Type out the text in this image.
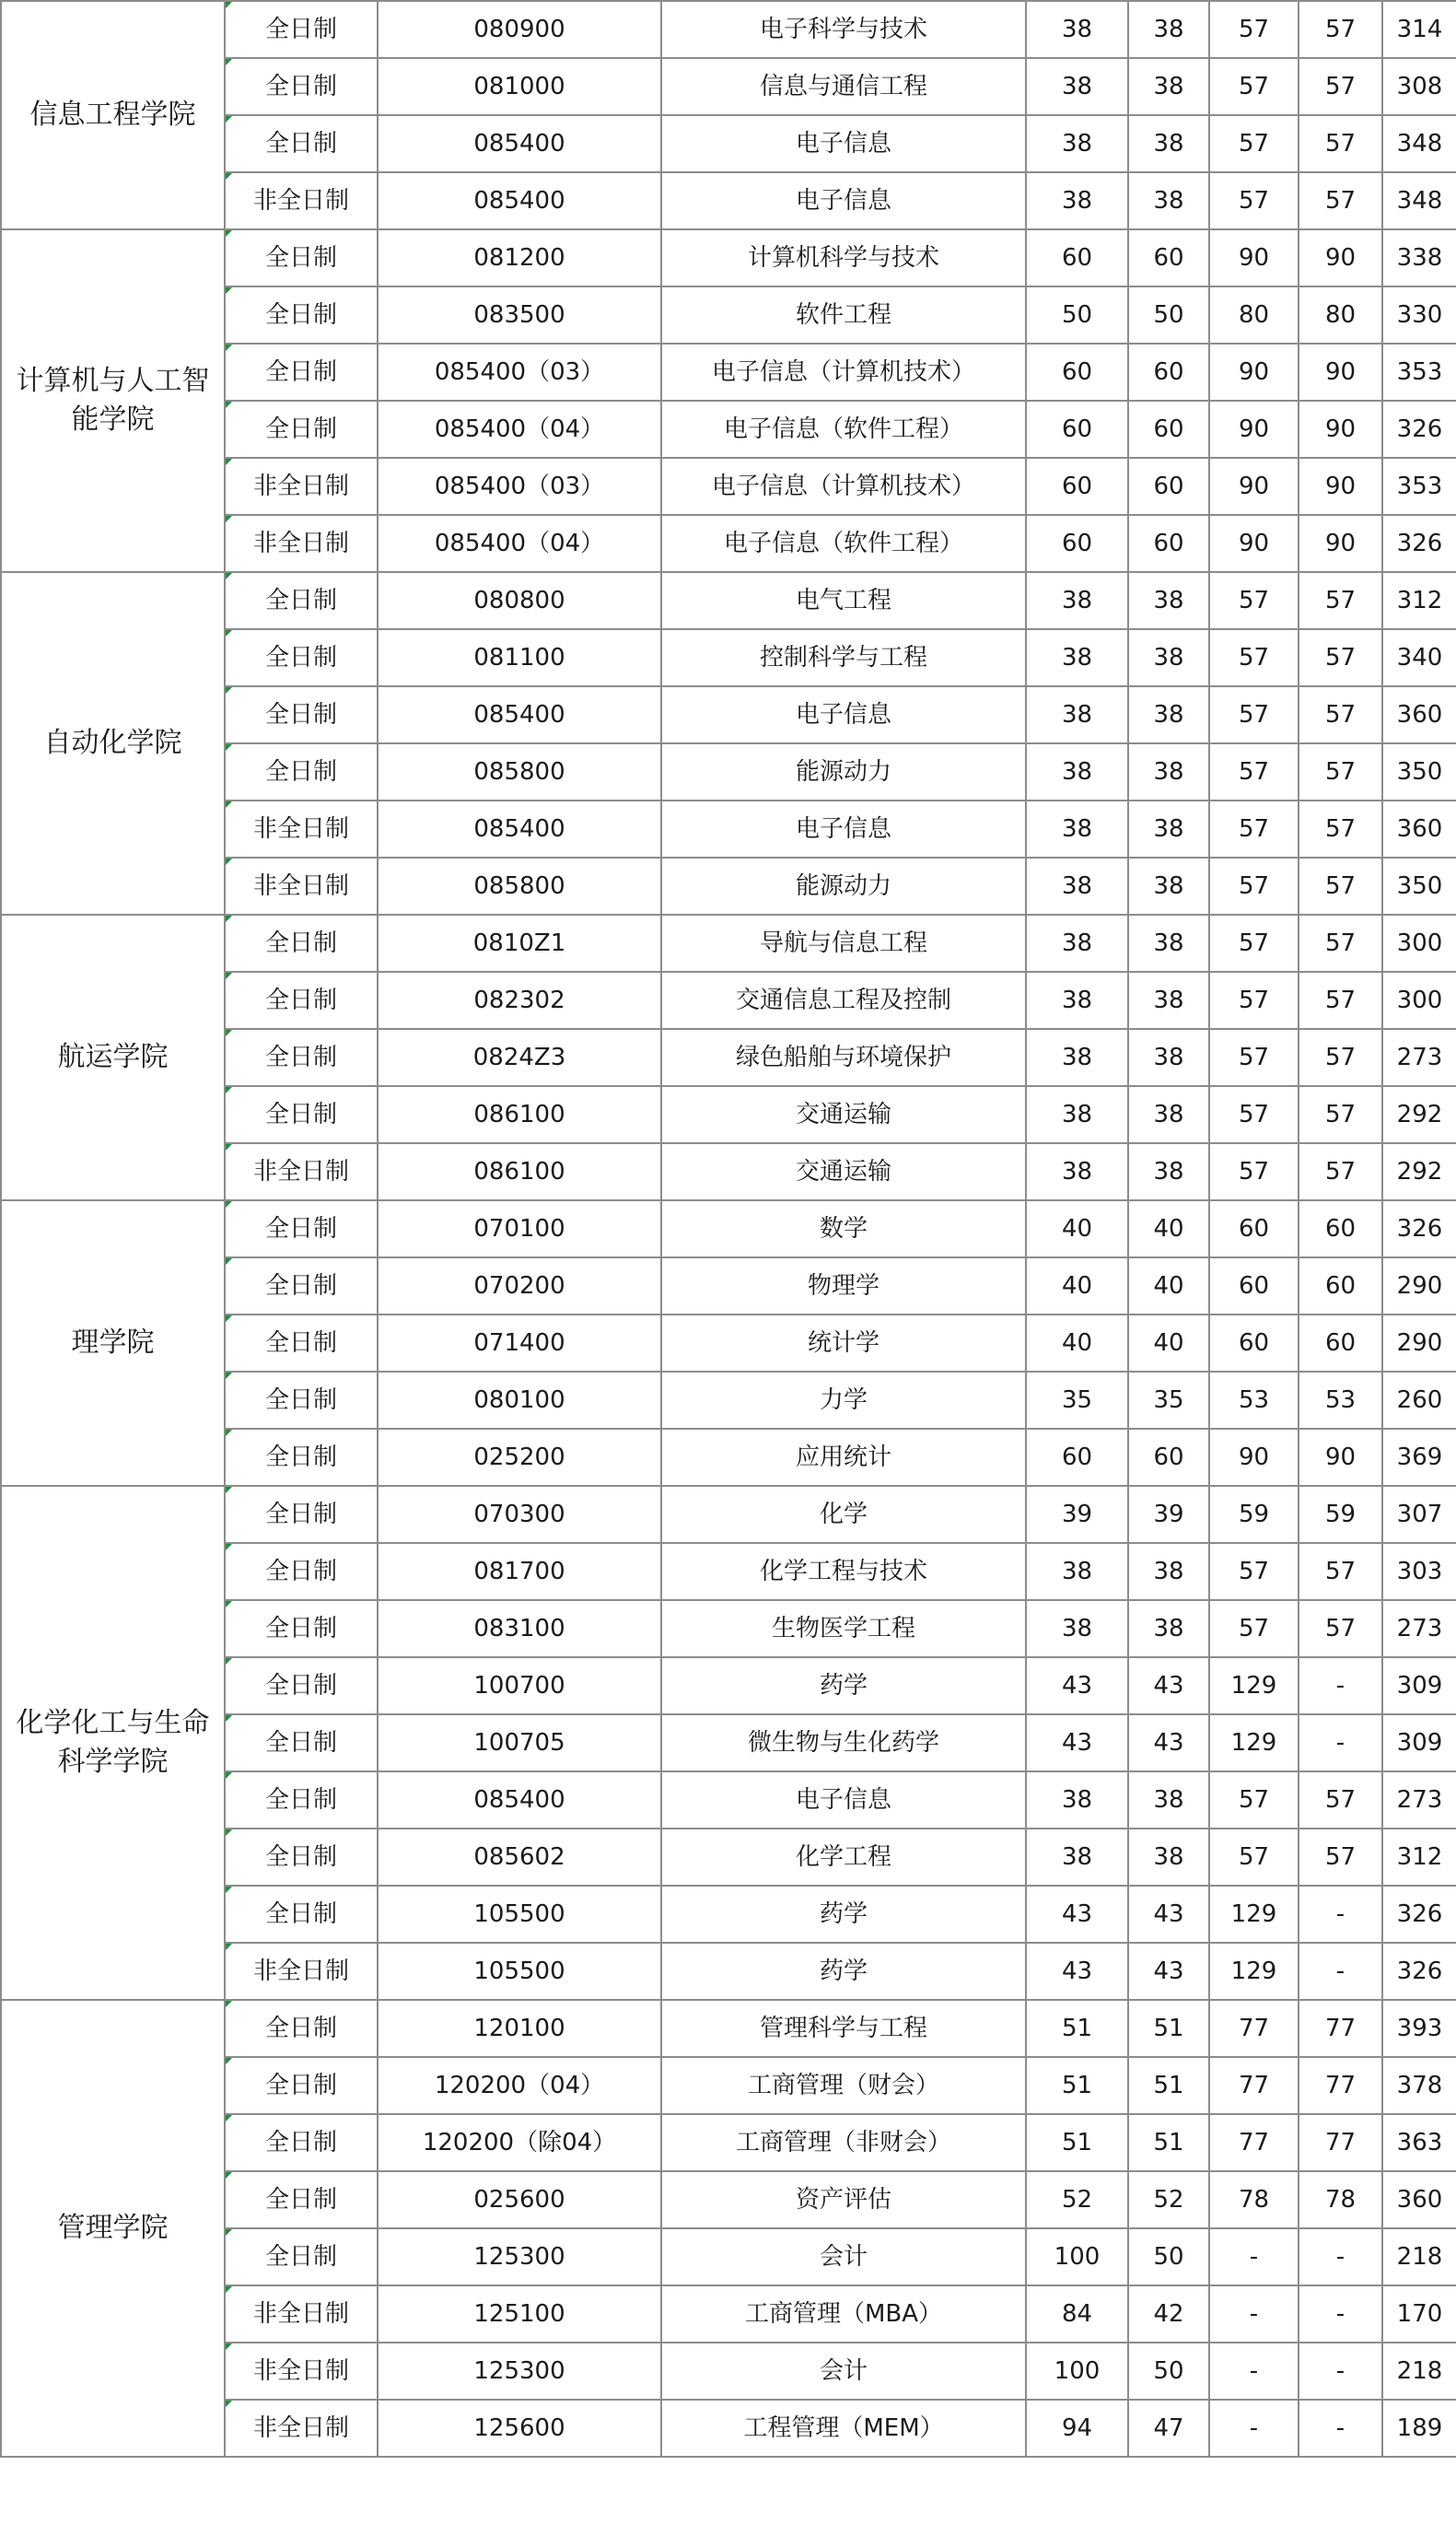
信息工程学院	全日制	080900	电子科学与技术	38	38	57	57	314
	全日制	081000	信息与通信工程	38	38	57	57	308
	全日制	085400	电子信息	38	38	57	57	348
	非全日制	085400	电子信息	38	38	57	57	348
计算机与人工智能学院	全日制	081200	计算机科学与技术	60	60	90	90	338
	全日制	083500	软件工程	50	50	80	80	330
	全日制	085400（03）	电子信息（计算机技术）	60	60	90	90	353
	全日制	085400（04）	电子信息（软件工程）	60	60	90	90	326
	非全日制	085400（03）	电子信息（计算机技术）	60	60	90	90	353
	非全日制	085400（04）	电子信息（软件工程）	60	60	90	90	326
自动化学院	全日制	080800	电气工程	38	38	57	57	312
	全日制	081100	控制科学与工程	38	38	57	57	340
	全日制	085400	电子信息	38	38	57	57	360
	全日制	085800	能源动力	38	38	57	57	350
	非全日制	085400	电子信息	38	38	57	57	360
	非全日制	085800	能源动力	38	38	57	57	350
航运学院	全日制	0810Z1	导航与信息工程	38	38	57	57	300
	全日制	082302	交通信息工程及控制	38	38	57	57	300
	全日制	0824Z3	绿色船舶与环境保护	38	38	57	57	273
	全日制	086100	交通运输	38	38	57	57	292
	非全日制	086100	交通运输	38	38	57	57	292
理学院	全日制	070100	数学	40	40	60	60	326
	全日制	070200	物理学	40	40	60	60	290
	全日制	071400	统计学	40	40	60	60	290
	全日制	080100	力学	35	35	53	53	260
	全日制	025200	应用统计	60	60	90	90	369
化学化工与生命科学学院	全日制	070300	化学	39	39	59	59	307
	全日制	081700	化学工程与技术	38	38	57	57	303
	全日制	083100	生物医学工程	38	38	57	57	273
	全日制	100700	药学	43	43	129	-	309
	全日制	100705	微生物与生化药学	43	43	129	-	309
	全日制	085400	电子信息	38	38	57	57	273
	全日制	085602	化学工程	38	38	57	57	312
	全日制	105500	药学	43	43	129	-	326
	非全日制	105500	药学	43	43	129	-	326
管理学院	全日制	120100	管理科学与工程	51	51	77	77	393
	全日制	120200（04）	工商管理（财会）	51	51	77	77	378
	全日制	120200（除04）	工商管理（非财会）	51	51	77	77	363
	全日制	025600	资产评估	52	52	78	78	360
	全日制	125300	会计	100	50	-	-	218
	非全日制	125100	工商管理（MBA）	84	42	-	-	170
	非全日制	125300	会计	100	50	-	-	218
	非全日制	125600	工程管理（MEM）	94	47	-	-	189
